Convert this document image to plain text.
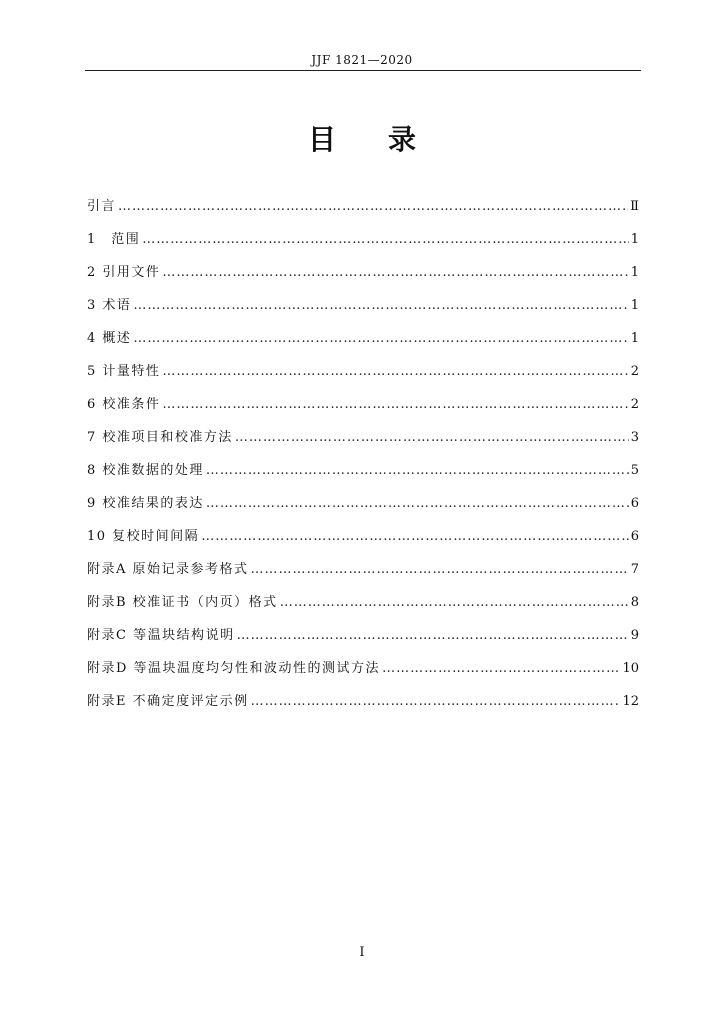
JJF 1821—2020
目录
引言 ……………………………………………………………………………………………………………………………………………………………………………………	Ⅱ
1　范围 ……………………………………………………………………………………………………………………………………………………………………………………	1
2 引用文件 ……………………………………………………………………………………………………………………………………………………………………………………	1
3 术语 ……………………………………………………………………………………………………………………………………………………………………………………	1
4 概述 ……………………………………………………………………………………………………………………………………………………………………………………	1
5 计量特性 ……………………………………………………………………………………………………………………………………………………………………………………	2
6 校准条件 ……………………………………………………………………………………………………………………………………………………………………………………	2
7 校准项目和校准方法 ……………………………………………………………………………………………………………………………………………………………………………………	3
8 校准数据的处理 ……………………………………………………………………………………………………………………………………………………………………………………	5
9 校准结果的表达 ……………………………………………………………………………………………………………………………………………………………………………………	6
10 复校时间间隔 ……………………………………………………………………………………………………………………………………………………………………………………	6
附录A 原始记录参考格式 ……………………………………………………………………………………………………………………………………………………………………………………	7
附录B 校准证书（内页）格式 ……………………………………………………………………………………………………………………………………………………………………………………	8
附录C 等温块结构说明 ……………………………………………………………………………………………………………………………………………………………………………………	9
附录D 等温块温度均匀性和波动性的测试方法 ……………………………………………………………………………………………………………………………………………………………………………………	10
附录E 不确定度评定示例 ……………………………………………………………………………………………………………………………………………………………………………………	12
I
